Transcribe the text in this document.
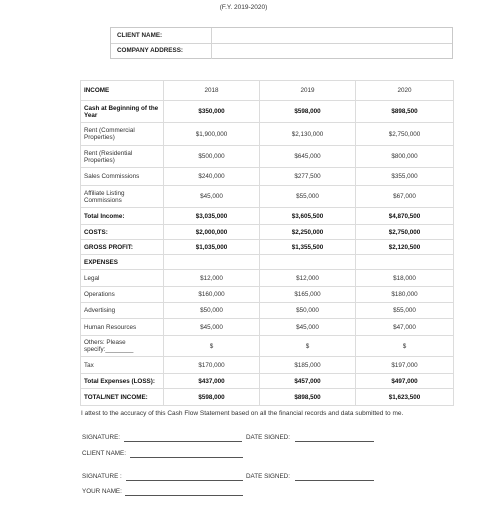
(F.Y. 2019-2020)
CLIENT NAME:
COMPANY ADDRESS:
INCOME	2018	2019	2020
Cash at Beginning of the Year	$350,000	$598,000	$898,500
Rent (Commercial Properties)	$1,900,000	$2,130,000	$2,750,000
Rent (Residential Properties)	$500,000	$645,000	$800,000
Sales Commissions	$240,000	$277,500	$355,000
Affiliate Listing Commissions	$45,000	$55,000	$67,000
Total Income:	$3,035,000	$3,605,500	$4,870,500
COSTS:	$2,000,000	$2,250,000	$2,750,000
GROSS PROFIT:	$1,035,000	$1,355,500	$2,120,500
EXPENSES			
Legal	$12,000	$12,000	$18,000
Operations	$160,000	$165,000	$180,000
Advertising	$50,000	$50,000	$55,000
Human Resources	$45,000	$45,000	$47,000
Others: Please specify:________	$	$	$
Tax	$170,000	$185,000	$197,000
Total Expenses (LOSS):	$437,000	$457,000	$497,000
TOTAL/NET INCOME:	$598,000	$898,500	$1,623,500
I attest to the accuracy of this Cash Flow Statement based on all the financial records and data submitted to me.
SIGNATURE:	DATE SIGNED:
CLIENT NAME:
SIGNATURE :	DATE SIGNED:
YOUR NAME:
